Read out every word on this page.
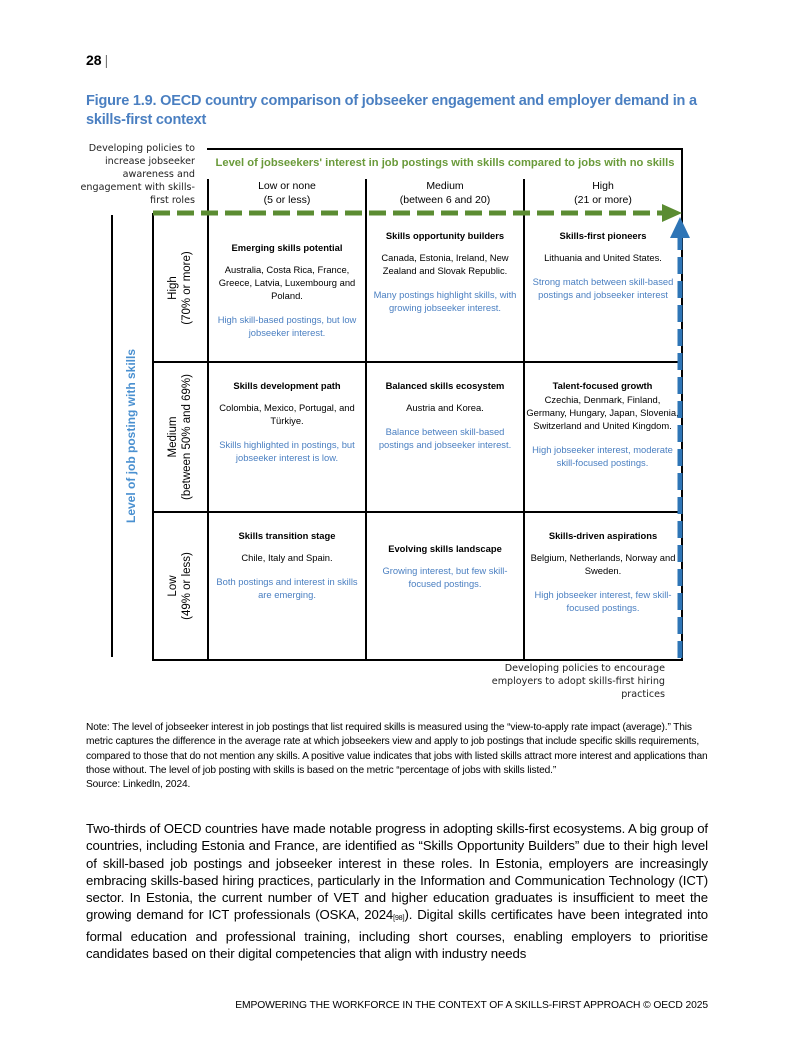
28 |
Figure 1.9. OECD country comparison of jobseeker engagement and employer demand in a skills-first context
Developing policies to increase jobseeker awareness and engagement with skills-first roles
Developing policies to encourage employers to adopt skills-first hiring practices
Level of jobseekers' interest in job postings with skills compared to jobs with no skills
Low or none
(5 or less)
Medium
(between 6 and 20)
High
(21 or more)
Level of job posting with skills
High (70% or more)
Medium (between 50% and 69%)
Low (49% or less)
Emerging skills potential
Australia, Costa Rica, France, Greece, Latvia, Luxembourg and Poland.
High skill-based postings, but low jobseeker interest.
Skills opportunity builders
Canada, Estonia, Ireland, New Zealand and Slovak Republic.
Many postings highlight skills, with growing jobseeker interest.
Skills-first pioneers
Lithuania and United States.
Strong match between skill-based postings and jobseeker interest
Skills development path
Colombia, Mexico, Portugal, and Türkiye.
Skills highlighted in postings, but jobseeker interest is low.
Balanced skills ecosystem
Austria and Korea.
Balance between skill-based postings and jobseeker interest.
Talent-focused growth
Czechia, Denmark, Finland, Germany, Hungary, Japan, Slovenia, Switzerland and United Kingdom.
High jobseeker interest, moderate skill-focused postings.
Skills transition stage
Chile, Italy and Spain.
Both postings and interest in skills are emerging.
Evolving skills landscape
Growing interest, but few skill-focused postings.
Skills-driven aspirations
Belgium, Netherlands, Norway and Sweden.
High jobseeker interest, few skill-focused postings.
Note: The level of jobseeker interest in job postings that list required skills is measured using the “view-to-apply rate impact (average).” This metric captures the difference in the average rate at which jobseekers view and apply to job postings that include specific skills requirements, compared to those that do not mention any skills. A positive value indicates that jobs with listed skills attract more interest and applications than those without. The level of job posting with skills is based on the metric “percentage of jobs with skills listed.”
Source: LinkedIn, 2024.
Two-thirds of OECD countries have made notable progress in adopting skills-first ecosystems. A big group of countries, including Estonia and France, are identified as “Skills Opportunity Builders” due to their high level of skill-based job postings and jobseeker interest in these roles. In Estonia, employers are increasingly embracing skills-based hiring practices, particularly in the Information and Communication Technology (ICT) sector. In Estonia, the current number of VET and higher education graduates is insufficient to meet the growing demand for ICT professionals (OSKA, $2024_{[98]}$). Digital skills certificates have been integrated into formal education and professional training, including short courses, enabling employers to prioritise candidates based on their digital competencies that align with industry needs
EMPOWERING THE WORKFORCE IN THE CONTEXT OF A SKILLS-FIRST APPROACH © OECD 2025
